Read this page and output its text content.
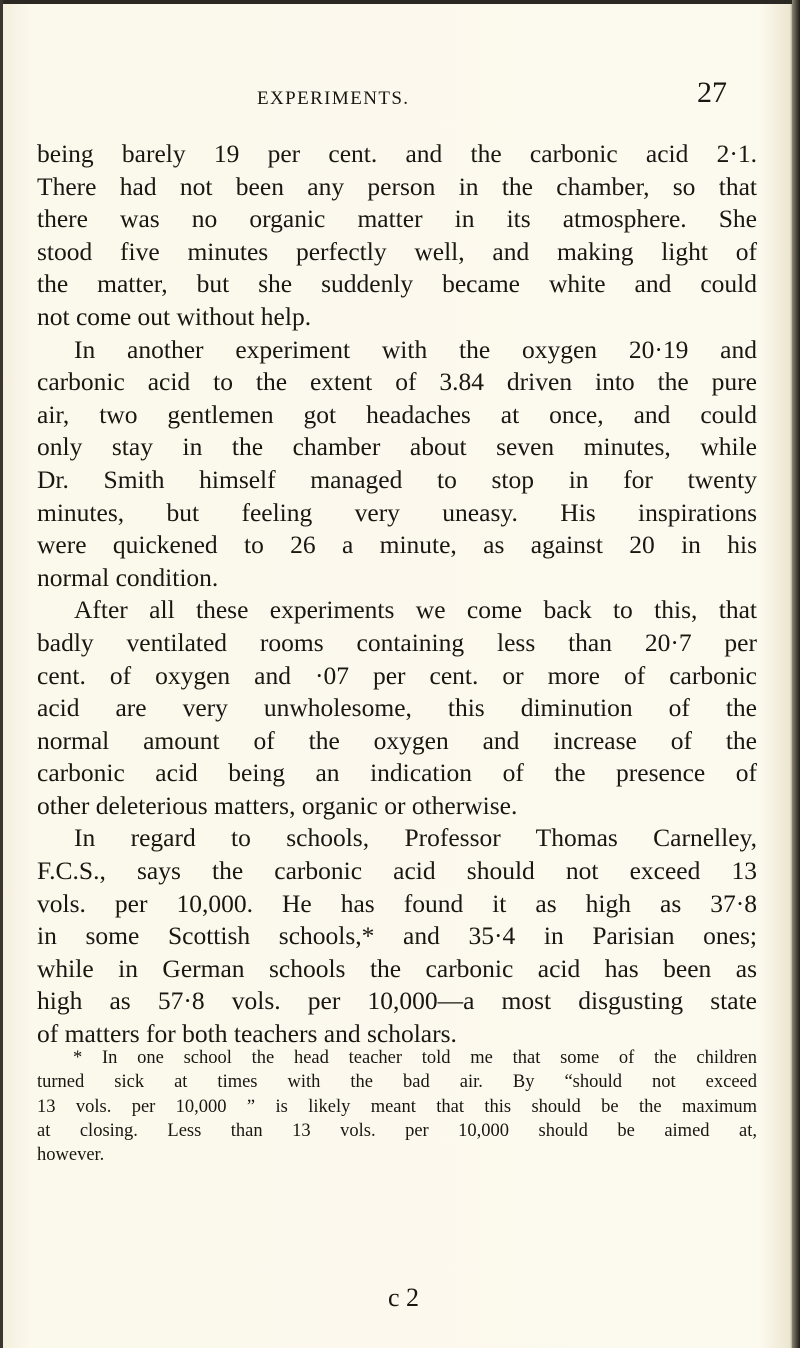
EXPERIMENTS.	27
being barely 19 per cent. and the carbonic acid 2·1.
There had not been any person in the chamber, so that
there was no organic matter in its atmosphere. She
stood five minutes perfectly well, and making light of
the matter, but she suddenly became white and could
not come out without help.
In another experiment with the oxygen 20·19 and
carbonic acid to the extent of 3.84 driven into the pure
air, two gentlemen got headaches at once, and could
only stay in the chamber about seven minutes, while
Dr. Smith himself managed to stop in for twenty
minutes, but feeling very uneasy. His inspirations
were quickened to 26 a minute, as against 20 in his
normal condition.
After all these experiments we come back to this, that
badly ventilated rooms containing less than 20·7 per
cent. of oxygen and ·07 per cent. or more of carbonic
acid are very unwholesome, this diminution of the
normal amount of the oxygen and increase of the
carbonic acid being an indication of the presence of
other deleterious matters, organic or otherwise.
In regard to schools, Professor Thomas Carnelley,
F.C.S., says the carbonic acid should not exceed 13
vols. per 10,000. He has found it as high as 37·8
in some Scottish schools,* and 35·4 in Parisian ones;
while in German schools the carbonic acid has been as
high as 57·8 vols. per 10,000—a most disgusting state
of matters for both teachers and scholars.
* In one school the head teacher told me that some of the children
turned sick at times with the bad air. By “should not exceed
13 vols. per 10,000 ” is likely meant that this should be the maximum
at closing. Less than 13 vols. per 10,000 should be aimed at,
however.
c 2
